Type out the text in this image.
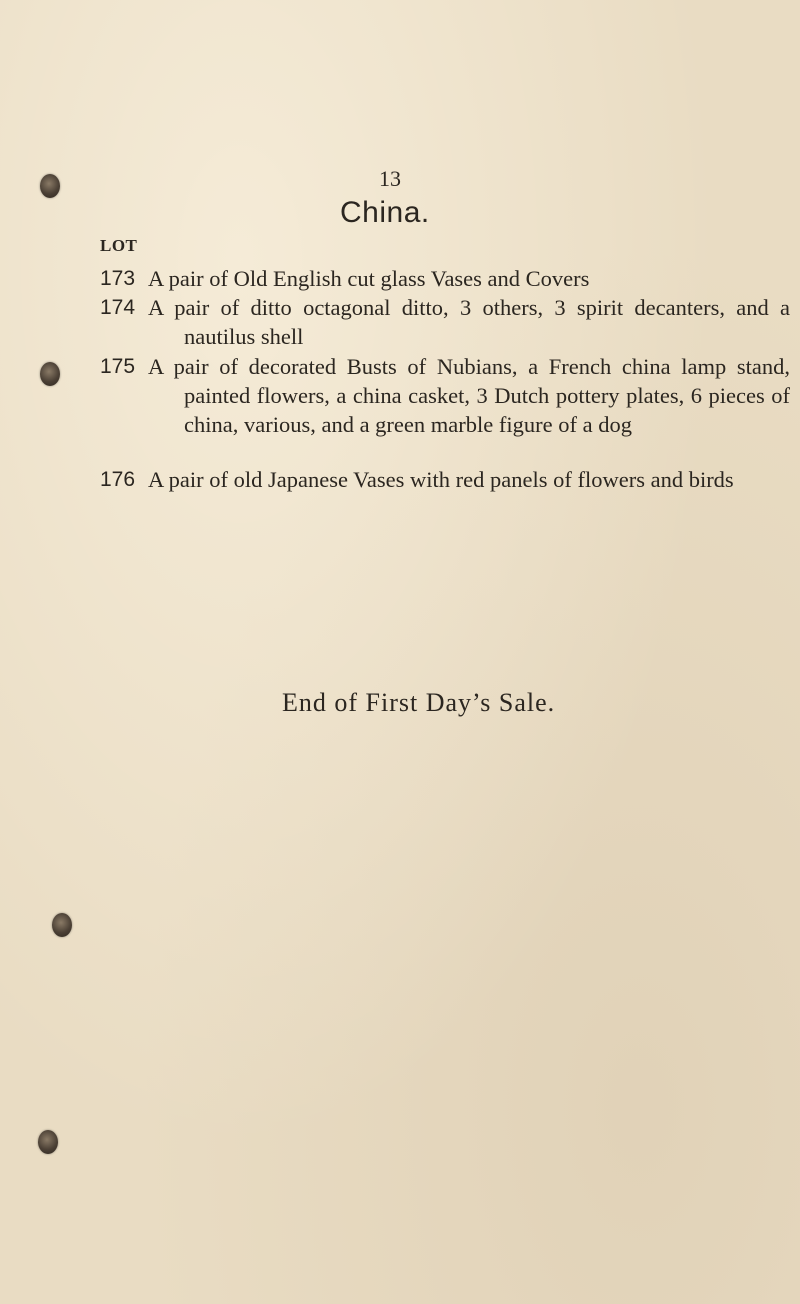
13
China.
LOT
173 A pair of Old English cut glass Vases and Covers
174 A pair of ditto octagonal ditto, 3 others, 3 spirit decanters, and a nautilus shell
175 A pair of decorated Busts of Nubians, a French china lamp stand, painted flowers, a china casket, 3 Dutch pottery plates, 6 pieces of china, various, and a green marble figure of a dog
176 A pair of old Japanese Vases with red panels of flowers and birds
End of First Day’s Sale.
